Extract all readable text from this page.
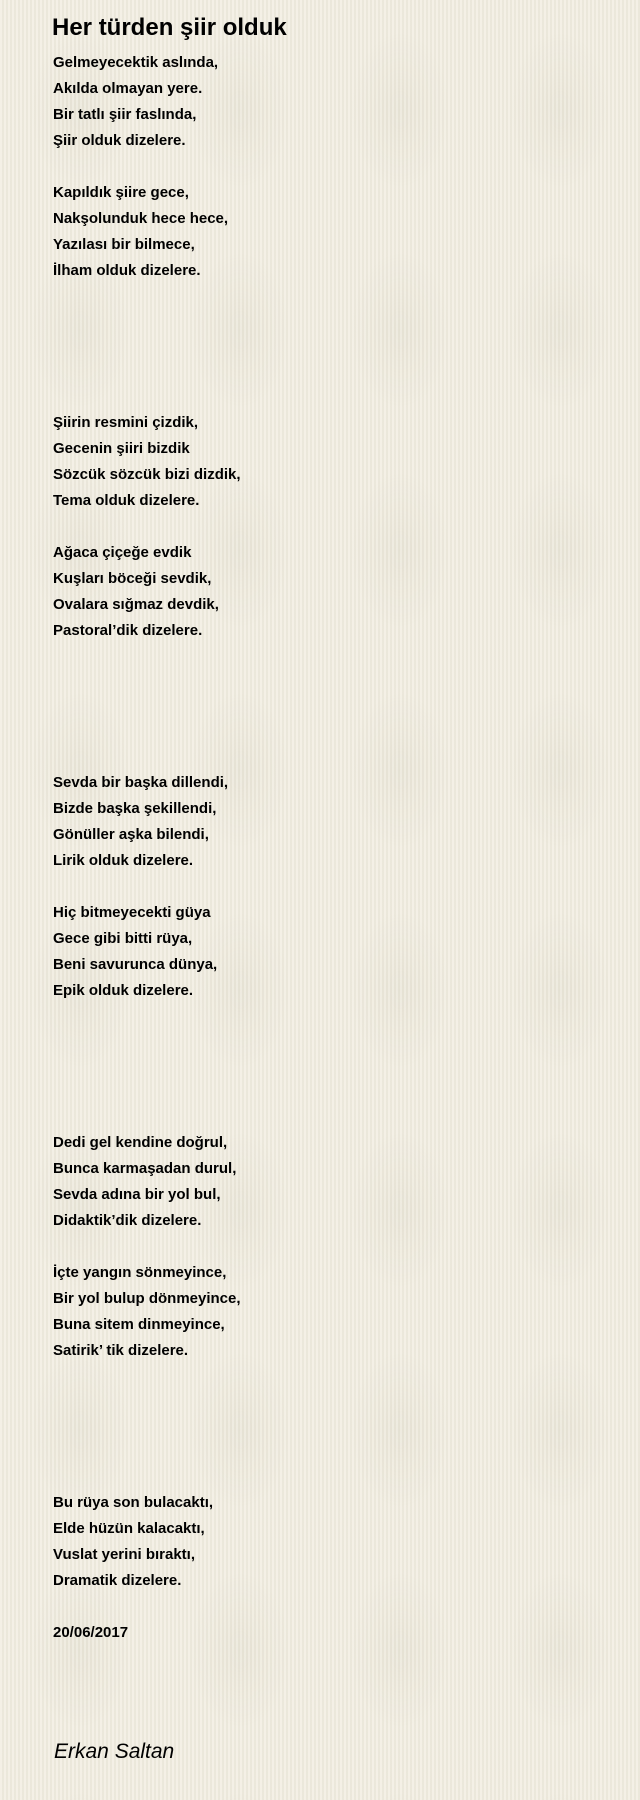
Her türden şiir olduk
Gelmeyecektik aslında,
Akılda olmayan yere.
Bir tatlı şiir faslında,
Şiir olduk dizelere.
Kapıldık şiire gece,
Nakşolunduk hece hece,
Yazılası bir bilmece,
İlham olduk dizelere.
Şiirin resmini çizdik,
Gecenin şiiri bizdik
Sözcük sözcük bizi dizdik,
Tema olduk dizelere.
Ağaca çiçeğe evdik
Kuşları böceği sevdik,
Ovalara sığmaz devdik,
Pastoral’dik dizelere.
Sevda bir başka dillendi,
Bizde başka şekillendi,
Gönüller aşka bilendi,
Lirik olduk dizelere.
Hiç bitmeyecekti güya
Gece gibi bitti rüya,
Beni savurunca dünya,
Epik olduk dizelere.
Dedi gel kendine doğrul,
Bunca karmaşadan durul,
Sevda adına bir yol bul,
Didaktik’dik dizelere.
İçte yangın sönmeyince,
Bir yol bulup dönmeyince,
Buna sitem dinmeyince,
Satirik’ tik dizelere.
Bu rüya son bulacaktı,
Elde hüzün kalacaktı,
Vuslat yerini bıraktı,
Dramatik dizelere.
20/06/2017
Erkan Saltan
